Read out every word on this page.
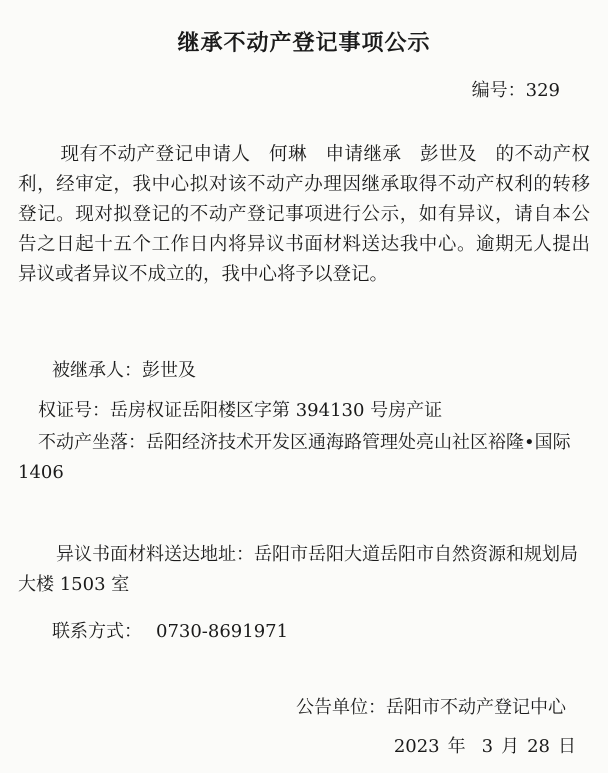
继承不动产登记事项公示
编号：329

现有不动产登记申请人 何琳 申请继承 彭世及 的不动产权利，经审定，我中心拟对该不动产办理因继承取得不动产权利的转移登记。现对拟登记的不动产登记事项进行公示，如有异议，请自本公告之日起十五个工作日内将异议书面材料送达我中心。逾期无人提出异议或者异议不成立的，我中心将予以登记。

被继承人：彭世及
权证号：岳房权证岳阳楼区字第 394130 号房产证
不动产坐落：岳阳经济技术开发区通海路管理处亮山社区裕隆•国际 1406
异议书面材料送达地址：岳阳市岳阳大道岳阳市自然资源和规划局大楼 1503 室
联系方式： 0730-8691971
公告单位：岳阳市不动产登记中心
2023 年 3 月 28 日
